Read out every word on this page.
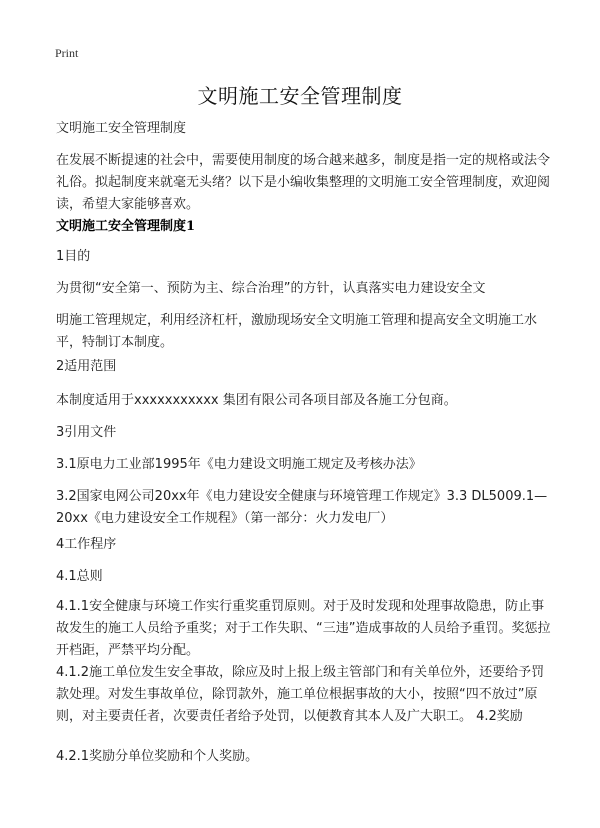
Print
文明施工安全管理制度
文明施工安全管理制度
在发展不断提速的社会中，需要使用制度的场合越来越多，制度是指一定的规格或法令礼俗。拟起制度来就毫无头绪？以下是小编收集整理的文明施工安全管理制度，欢迎阅读，希望大家能够喜欢。
文明施工安全管理制度1
1目的
为贯彻“安全第一、预防为主、综合治理”的方针，认真落实电力建设安全文
明施工管理规定，利用经济杠杆，激励现场安全文明施工管理和提高安全文明施工水平，特制订本制度。
2适用范围
本制度适用于xxxxxxxxxxx 集团有限公司各项目部及各施工分包商。
3引用文件
3.1原电力工业部1995年《电力建设文明施工规定及考核办法》
3.2国家电网公司20xx年《电力建设安全健康与环境管理工作规定》3.3 DL5009.1—20xx《电力建设安全工作规程》（第一部分：火力发电厂）
4工作程序
4.1总则
4.1.1安全健康与环境工作实行重奖重罚原则。对于及时发现和处理事故隐患，防止事故发生的施工人员给予重奖；对于工作失职、“三违”造成事故的人员给予重罚。奖惩拉开档距，严禁平均分配。
4.1.2施工单位发生安全事故，除应及时上报上级主管部门和有关单位外，还要给予罚款处理。对发生事故单位，除罚款外，施工单位根据事故的大小，按照“四不放过”原则，对主要责任者，次要责任者给予处罚，以便教育其本人及广大职工。 4.2奖励
4.2.1奖励分单位奖励和个人奖励。
